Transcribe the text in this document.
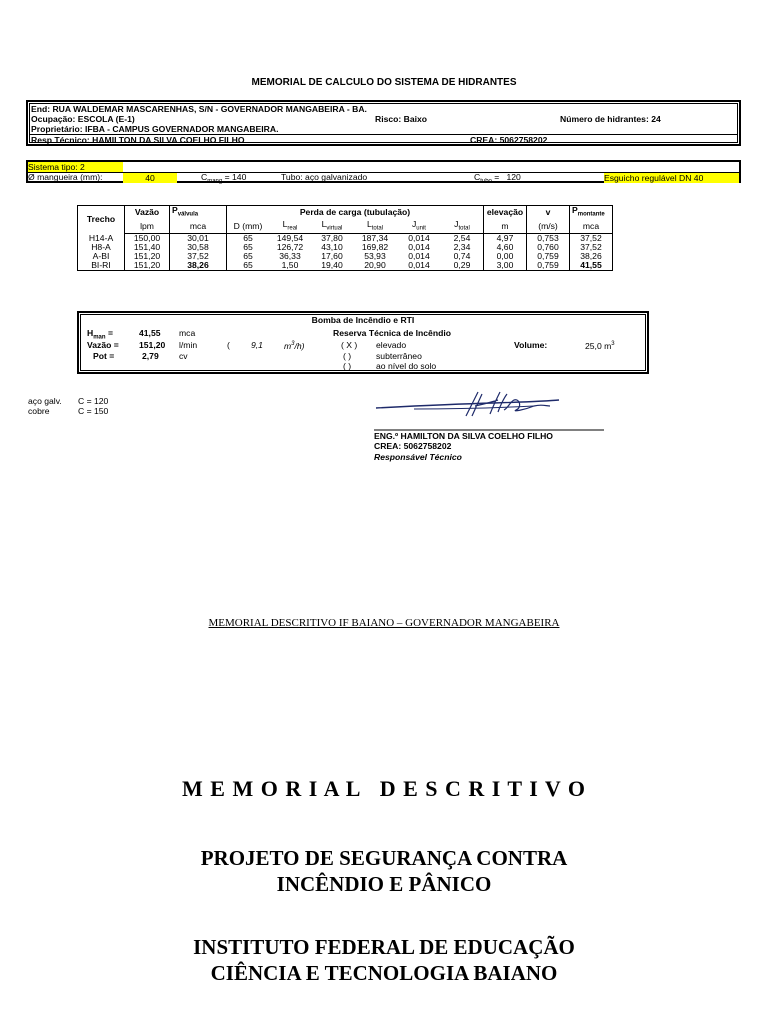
MEMORIAL DE CALCULO DO SISTEMA DE HIDRANTES
End: RUA WALDEMAR MASCARENHAS, S/N - GOVERNADOR MANGABEIRA - BA.
Ocupação: ESCOLA (E-1)	Risco: Baixo	Número de hidrantes: 24
Proprietário: IFBA - CAMPUS GOVERNADOR MANGABEIRA.
Resp Técnico: HAMILTON DA SILVA COELHO FILHO	CREA: 5062758202
Sistema tipo: 2
Ø mangueira (mm):	40	$C_{mang} = 140$	Tubo: aço galvanizado	$C_{tubo} = 120$	Esguicho regulável DN 40
Trecho	Vazão	$P_{válvula}$	Perda de carga (tubulação)						elevação	v	$P_{montante}$
	lpm	mca	D (mm)	$L_{real}$	$L_{virtual}$	$L_{total}$	$J_{unit}$	$J_{total}$	m	(m/s)	mca
H14-A	150,00	30,01	65	149,54	37,80	187,34	0,014	2,54	4,97	0,753	37,52
H8-A	151,40	30,58	65	126,72	43,10	169,82	0,014	2,34	4,60	0,760	37,52
A-BI	151,20	37,52	65	36,33	17,60	53,93	0,014	0,74	0,00	0,759	38,26
BI-RI	151,20	38,26	65	1,50	19,40	20,90	0,014	0,29	3,00	0,759	41,55
Bomba de Incêndio e RTI
$H_{man}$ =	41,55 mca	Reserva Técnica de Incêndio
Vazão = 151,20 l/min	( 9,1 $m^3/h$)	( X ) elevado	Volume:	25,0 $m^3$
Pot =	2,79 cv	( )	subterrâneo
( )	ao nível do solo
aço galv. C = 120
cobre	C = 150
ENG.º HAMILTON DA SILVA COELHO FILHO
CREA: 5062758202
Responsável Técnico
MEMORIAL DESCRITIVO IF BAIANO – GOVERNADOR MANGABEIRA
M E M O R I A L   D E S C R I T I V O
PROJETO DE SEGURANÇA CONTRA
INCÊNDIO E PÂNICO
INSTITUTO FEDERAL DE EDUCAÇÃO
CIÊNCIA E TECNOLOGIA BAIANO
